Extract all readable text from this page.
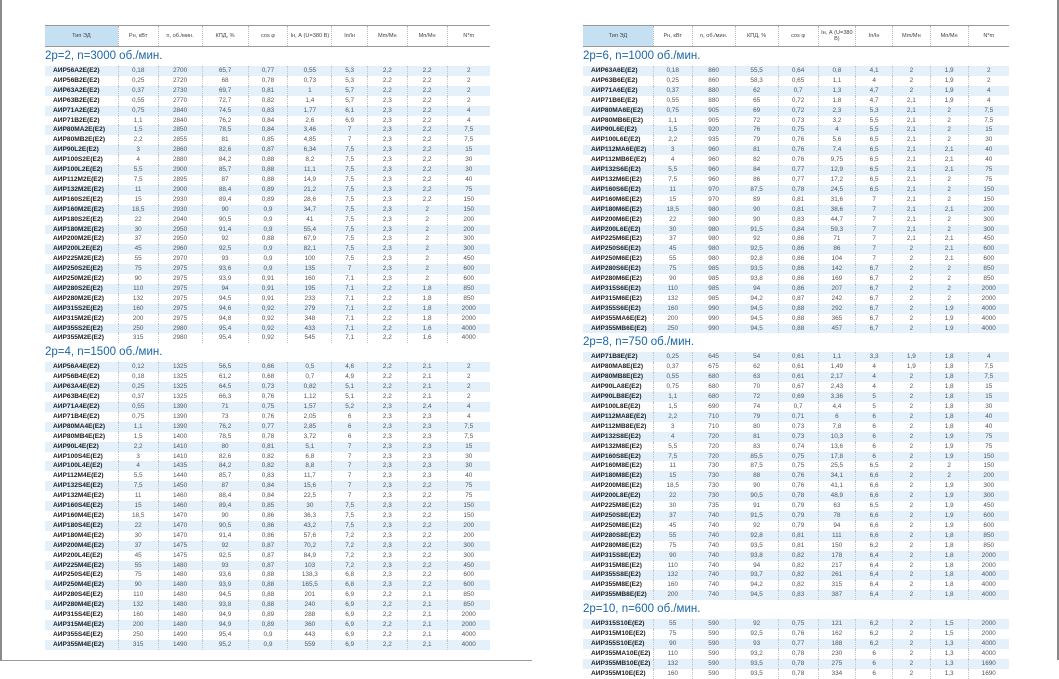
Тип ЭД	Рн, кВт	n, об./мин.	КПД, %	cos φ	Iн, А (U=380 В)	Iп/Iн	Mm/Mн	Mп/Mн	N*m
2р=2, n=3000 об./мин.									
АИР56А2Е(Е2)	0,18	2700	65,7	0,77	0,55	5,3	2,2	2,2	2
АИР56В2Е(Е2)	0,25	2720	68	0,78	0,73	5,3	2,2	2,2	2
АИР63А2Е(Е2)	0,37	2730	69,7	0,81	1	5,7	2,2	2,2	2
АИР63В2Е(Е2)	0,55	2770	72,7	0,82	1,4	5,7	2,3	2,2	2
АИР71А2Е(Е2)	0,75	2840	74,5	0,83	1,77	6,1	2,3	2,2	4
АИР71В2Е(Е2)	1,1	2840	76,2	0,84	2,6	6,9	2,3	2,2	4
АИР80МА2Е(Е2)	1,5	2850	78,5	0,84	3,46	7	2,3	2,2	7,5
АИР80МВ2Е(Е2)	2,2	2855	81	0,85	4,85	7	2,3	2,2	7,5
АИР90L2Е(Е2)	3	2860	82,6	0,87	6,34	7,5	2,3	2,2	15
АИР100S2Е(Е2)	4	2880	84,2	0,88	8,2	7,5	2,3	2,2	30
АИР100L2Е(Е2)	5,5	2900	85,7	0,88	11,1	7,5	2,3	2,2	30
АИР112М2Е(Е2)	7,5	2895	87	0,88	14,9	7,5	2,3	2,2	40
АИР132М2Е(Е2)	11	2900	88,4	0,89	21,2	7,5	2,3	2,2	75
АИР160S2Е(Е2)	15	2930	89,4	0,89	28,6	7,5	2,3	2,2	150
АИР160М2Е(Е2)	18,5	2930	90	0,9	34,7	7,5	2,3	2	150
АИР180S2Е(Е2)	22	2940	90,5	0,9	41	7,5	2,3	2	200
АИР180М2Е(Е2)	30	2950	91,4	0,9	55,4	7,5	2,3	2	200
АИР200М2Е(Е2)	37	2950	92	0,88	67,9	7,5	2,3	2	300
АИР200L2Е(Е2)	45	2960	92,5	0,9	82,1	7,5	2,3	2	300
АИР225М2Е(Е2)	55	2970	93	0,9	100	7,5	2,3	2	450
АИР250S2Е(Е2)	75	2975	93,6	0,9	135	7	2,3	2	600
АИР250М2Е(Е2)	90	2975	93,9	0,91	160	7,1	2,3	2	600
АИР280S2Е(Е2)	110	2975	94	0,91	195	7,1	2,2	1,8	850
АИР280М2Е(Е2)	132	2975	94,5	0,91	233	7,1	2,2	1,8	850
АИР315S2Е(Е2)	160	2975	94,6	0,92	279	7,1	2,2	1,8	2000
АИР315М2Е(Е2)	200	2975	94,8	0,92	348	7,1	2,2	1,8	2000
АИР355S2Е(Е2)	250	2980	95,4	0,92	433	7,1	2,2	1,6	4000
АИР355М2Е(Е2)	315	2980	95,4	0,92	545	7,1	2,2	1,6	4000
2р=4, n=1500 об./мин.									
АИР56А4Е(Е2)	0,12	1325	56,5	0,66	0,5	4,6	2,2	2,1	2
АИР56В4Е(Е2)	0,18	1325	61,2	0,68	0,7	4,9	2,2	2,1	2
АИР63А4Е(Е2)	0,25	1325	64,5	0,73	0,82	5,1	2,2	2,1	2
АИР63В4Е(Е2)	0,37	1325	66,3	0,76	1,12	5,1	2,2	2,1	2
АИР71А4Е(Е2)	0,55	1390	71	0,75	1,57	5,2	2,3	2,4	4
АИР71В4Е(Е2)	0,75	1390	73	0,76	2,05	6	2,3	2,3	4
АИР80МА4Е(Е2)	1,1	1390	76,2	0,77	2,85	6	2,3	2,3	7,5
АИР80МВ4Е(Е2)	1,5	1400	78,5	0,78	3,72	6	2,3	2,3	7,5
АИР90L4Е(Е2)	2,2	1410	80	0,81	5,1	7	2,3	2,3	15
АИР100S4Е(Е2)	3	1410	82,6	0,82	6,8	7	2,3	2,3	30
АИР100L4Е(Е2)	4	1435	84,2	0,82	8,8	7	2,3	2,3	30
АИР112М4Е(Е2)	5,5	1440	85,7	0,83	11,7	7	2,3	2,3	40
АИР132S4Е(Е2)	7,5	1450	87	0,84	15,6	7	2,3	2,2	75
АИР132М4Е(Е2)	11	1460	88,4	0,84	22,5	7	2,3	2,2	75
АИР160S4Е(Е2)	15	1460	89,4	0,85	30	7,5	2,3	2,2	150
АИР160М4Е(Е2)	18,5	1470	90	0,86	36,3	7,5	2,3	2,2	150
АИР180S4Е(Е2)	22	1470	90,5	0,86	43,2	7,5	2,3	2,2	200
АИР180М4Е(Е2)	30	1470	91,4	0,86	57,6	7,2	2,3	2,2	200
АИР200М4Е(Е2)	37	1475	92	0,87	70,2	7,2	2,3	2,2	300
АИР200L4Е(Е2)	45	1475	92,5	0,87	84,9	7,2	2,3	2,2	300
АИР225М4Е(Е2)	55	1480	93	0,87	103	7,2	2,3	2,2	450
АИР250S4Е(Е2)	75	1480	93,6	0,88	138,3	6,8	2,3	2,2	600
АИР250М4Е(Е2)	90	1480	93,9	0,88	165,5	6,8	2,3	2,2	600
АИР280S4Е(Е2)	110	1480	94,5	0,88	201	6,9	2,2	2,1	850
АИР280М4Е(Е2)	132	1480	93,8	0,88	240	6,9	2,2	2,1	850
АИР315S4Е(Е2)	160	1480	94,9	0,89	288	6,9	2,2	2,1	2000
АИР315М4Е(Е2)	200	1480	94,9	0,89	360	6,9	2,2	2,1	2000
АИР355S4Е(Е2)	250	1490	95,4	0,9	443	6,9	2,2	2,1	4000
АИР355М4Е(Е2)	315	1490	95,2	0,9	559	6,9	2,2	2,1	4000
Тип ЭД	Рн, кВт	n, об./мин.	КПД, %	cos φ	Iн, А (U=380 В)	Iп/Iн	Mm/Mн	Mп/Mн	N*m
2р=6, n=1000 об./мин.									
АИР63А6Е(Е2)	0,18	860	55,5	0,64	0,8	4,1	2	1,9	2
АИР63В6Е(Е2)	0,25	860	58,3	0,65	1,1	4	2	1,9	2
АИР71А6Е(Е2)	0,37	880	62	0,7	1,3	4,7	2	1,9	4
АИР71В6Е(Е2)	0,55	880	65	0,72	1,8	4,7	2,1	1,9	4
АИР80МА6Е(Е2)	0,75	905	69	0,72	2,3	5,3	2,1	2	7,5
АИР80МВ6Е(Е2)	1,1	905	72	0,73	3,2	5,5	2,1	2	7,5
АИР90L6Е(Е2)	1,5	920	76	0,75	4	5,5	2,1	2	15
АИР100L6Е(Е2)	2,2	935	79	0,76	5,6	6,5	2,1	2	30
АИР112МА6Е(Е2)	3	960	81	0,76	7,4	6,5	2,1	2,1	40
АИР112МВ6Е(Е2)	4	960	82	0,76	9,75	6,5	2,1	2,1	40
АИР132S6Е(Е2)	5,5	960	84	0,77	12,9	6,5	2,1	2,1	75
АИР132М6Е(Е2)	7,5	960	86	0,77	17,2	6,5	2,1	2	75
АИР160S6Е(Е2)	11	970	87,5	0,78	24,5	6,5	2,1	2	150
АИР160М6Е(Е2)	15	970	89	0,81	31,6	7	2,1	2	150
АИР180М6Е(Е2)	18,5	980	90	0,81	38,6	7	2,1	2,1	200
АИР200М6Е(Е2)	22	980	90	0,83	44,7	7	2,1	2	300
АИР200L6Е(Е2)	30	980	91,5	0,84	59,3	7	2,1	2	300
АИР225М6Е(Е2)	37	980	92	0,86	71	7	2,1	2,1	450
АИР250S6Е(Е2)	45	980	92,5	0,86	86	7	2	2,1	600
АИР250М6Е(Е2)	55	980	92,8	0,86	104	7	2	2,1	600
АИР280S6Е(Е2)	75	985	93,5	0,86	142	6,7	2	2	850
АИР280М6Е(Е2)	90	985	93,8	0,86	169	6,7	2	2	850
АИР315S6Е(Е2)	110	985	94	0,86	207	6,7	2	2	2000
АИР315М6Е(Е2)	132	985	94,2	0,87	242	6,7	2	2	2000
АИР355S6Е(Е2)	160	990	94,5	0,88	292	6,7	2	1,9	4000
АИР355МА6Е(Е2)	200	990	94,5	0,88	365	6,7	2	1,9	4000
АИР355МВ6Е(Е2)	250	990	94,5	0,88	457	6,7	2	1,9	4000
2р=8, n=750 об./мин.									
АИР71В8Е(Е2)	0,25	645	54	0,61	1,1	3,3	1,9	1,8	4
АИР80МА8Е(Е2)	0,37	675	62	0,61	1,49	4	1,9	1,8	7,5
АИР80МВ8Е(Е2)	0,55	680	63	0,61	2,17	4	2	1,8	7,5
АИР90LA8Е(Е2)	0,75	680	70	0,67	2,43	4	2	1,8	15
АИР90LB8Е(Е2)	1,1	680	72	0,69	3,36	5	2	1,8	15
АИР100L8Е(Е2)	1,5	690	74	0,7	4,4	5	2	1,8	30
АИР112МА8Е(Е2)	2,2	710	79	0,71	6	6	2	1,8	40
АИР112МВ8Е(Е2)	3	710	80	0,73	7,8	6	2	1,8	40
АИР132S8Е(Е2)	4	720	81	0,73	10,3	6	2	1,9	75
АИР132М8Е(Е2)	5,5	720	83	0,74	13,6	6	2	1,9	75
АИР160S8Е(Е2)	7,5	720	85,5	0,75	17,8	6	2	1,9	150
АИР160М8Е(Е2)	11	730	87,5	0,75	25,5	6,5	2	2	150
АИР180М8Е(Е2)	15	730	88	0,76	34,1	6,6	2	2	200
АИР200М8Е(Е2)	18,5	730	90	0,76	41,1	6,6	2	1,9	300
АИР200L8Е(Е2)	22	730	90,5	0,78	48,9	6,6	2	1,9	300
АИР225М8Е(Е2)	30	735	91	0,79	63	6,5	2	1,9	450
АИР250S8Е(Е2)	37	740	91,5	0,79	78	6,6	2	1,9	600
АИР250М8Е(Е2)	45	740	92	0,79	94	6,6	2	1,9	600
АИР280S8Е(Е2)	55	740	92,8	0,81	111	6,6	2	1,8	850
АИР280М8Е(Е2)	75	740	93,5	0,81	150	6,2	2	1,8	850
АИР315S8Е(Е2)	90	740	93,8	0,82	178	6,4	2	1,8	2000
АИР315М8Е(Е2)	110	740	94	0,82	217	6,4	2	1,8	2000
АИР355S8Е(Е2)	132	740	93,7	0,82	261	6,4	2	1,8	4000
АИР355М8Е(Е2)	160	740	94,2	0,82	315	6,4	2	1,8	4000
АИР355МВ8Е(Е2)	200	740	94,5	0,83	387	6,4	2	1,8	4000
2р=10, n=600 об./мин.									
АИР315S10Е(Е2)	55	590	92	0,75	121	6,2	2	1,5	2000
АИР315М10Е(Е2)	75	590	92,5	0,76	162	6,2	2	1,5	2000
АИР355S10Е(Е2)	90	590	93	0,77	188	6,2	2	1,3	4000
АИР355МА10Е(Е2)	110	590	93,2	0,78	230	6	2	1,3	4000
АИР355МВ10Е(Е2)	132	590	93,5	0,78	275	6	2	1,3	1690
АИР355М10Е(Е2)	160	590	93,5	0,78	334	6	2	1,3	1690
